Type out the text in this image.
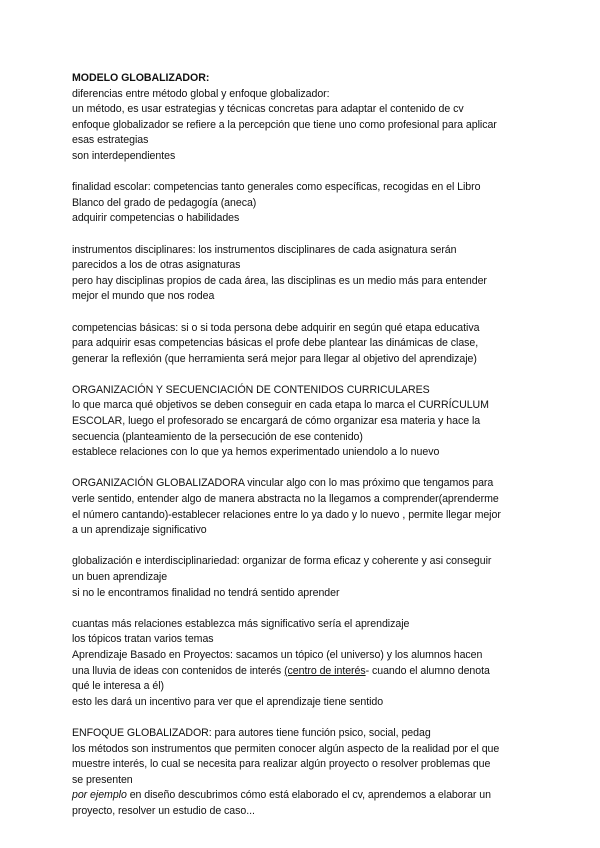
MODELO GLOBALIZADOR:
diferencias entre método global y enfoque globalizador:
un método, es usar estrategias y técnicas concretas para adaptar el contenido de cv
enfoque globalizador se refiere a la percepción que tiene uno como profesional para aplicar
esas estrategias
son interdependientes
finalidad escolar: competencias tanto generales como específicas, recogidas en el Libro
Blanco del grado de pedagogía (aneca)
adquirir competencias o habilidades
instrumentos disciplinares: los instrumentos disciplinares de cada asignatura serán
parecidos a los de otras asignaturas
pero hay disciplinas propios de cada área, las disciplinas es un medio más para entender
mejor el mundo que nos rodea
competencias básicas: si o si toda persona debe adquirir en según qué etapa educativa
para adquirir esas competencias básicas el profe debe plantear las dinámicas de clase,
generar la reflexión (que herramienta será mejor para llegar al objetivo del aprendizaje)
ORGANIZACIÓN Y SECUENCIACIÓN DE CONTENIDOS CURRICULARES
lo que marca qué objetivos se deben conseguir en cada etapa lo marca el CURRÍCULUM
ESCOLAR, luego el profesorado se encargará de cómo organizar esa materia y hace la
secuencia (planteamiento de la persecución de ese contenido)
establece relaciones con lo que ya hemos experimentado uniendolo a lo nuevo
ORGANIZACIÓN GLOBALIZADORA vincular algo con lo mas próximo que tengamos para
verle sentido, entender algo de manera abstracta no la llegamos a comprender(aprenderme
el número cantando)-establecer relaciones entre lo ya dado y lo nuevo , permite llegar mejor
a un aprendizaje significativo
globalización e interdisciplinariedad: organizar de forma eficaz y coherente y asi conseguir
un buen aprendizaje
si no le encontramos finalidad no tendrá sentido aprender
cuantas más relaciones establezca más significativo sería el aprendizaje
los tópicos tratan varios temas
Aprendizaje Basado en Proyectos: sacamos un tópico (el universo) y los alumnos hacen
una lluvia de ideas con contenidos de interés (centro de interés- cuando el alumno denota
qué le interesa a él)
esto les dará un incentivo para ver que el aprendizaje tiene sentido
ENFOQUE GLOBALIZADOR: para autores tiene función psico, social, pedag
los métodos son instrumentos que permiten conocer algún aspecto de la realidad por el que
muestre interés, lo cual se necesita para realizar algún proyecto o resolver problemas que
se presenten
por ejemplo en diseño descubrimos cómo está elaborado el cv, aprendemos a elaborar un
proyecto, resolver un estudio de caso...
